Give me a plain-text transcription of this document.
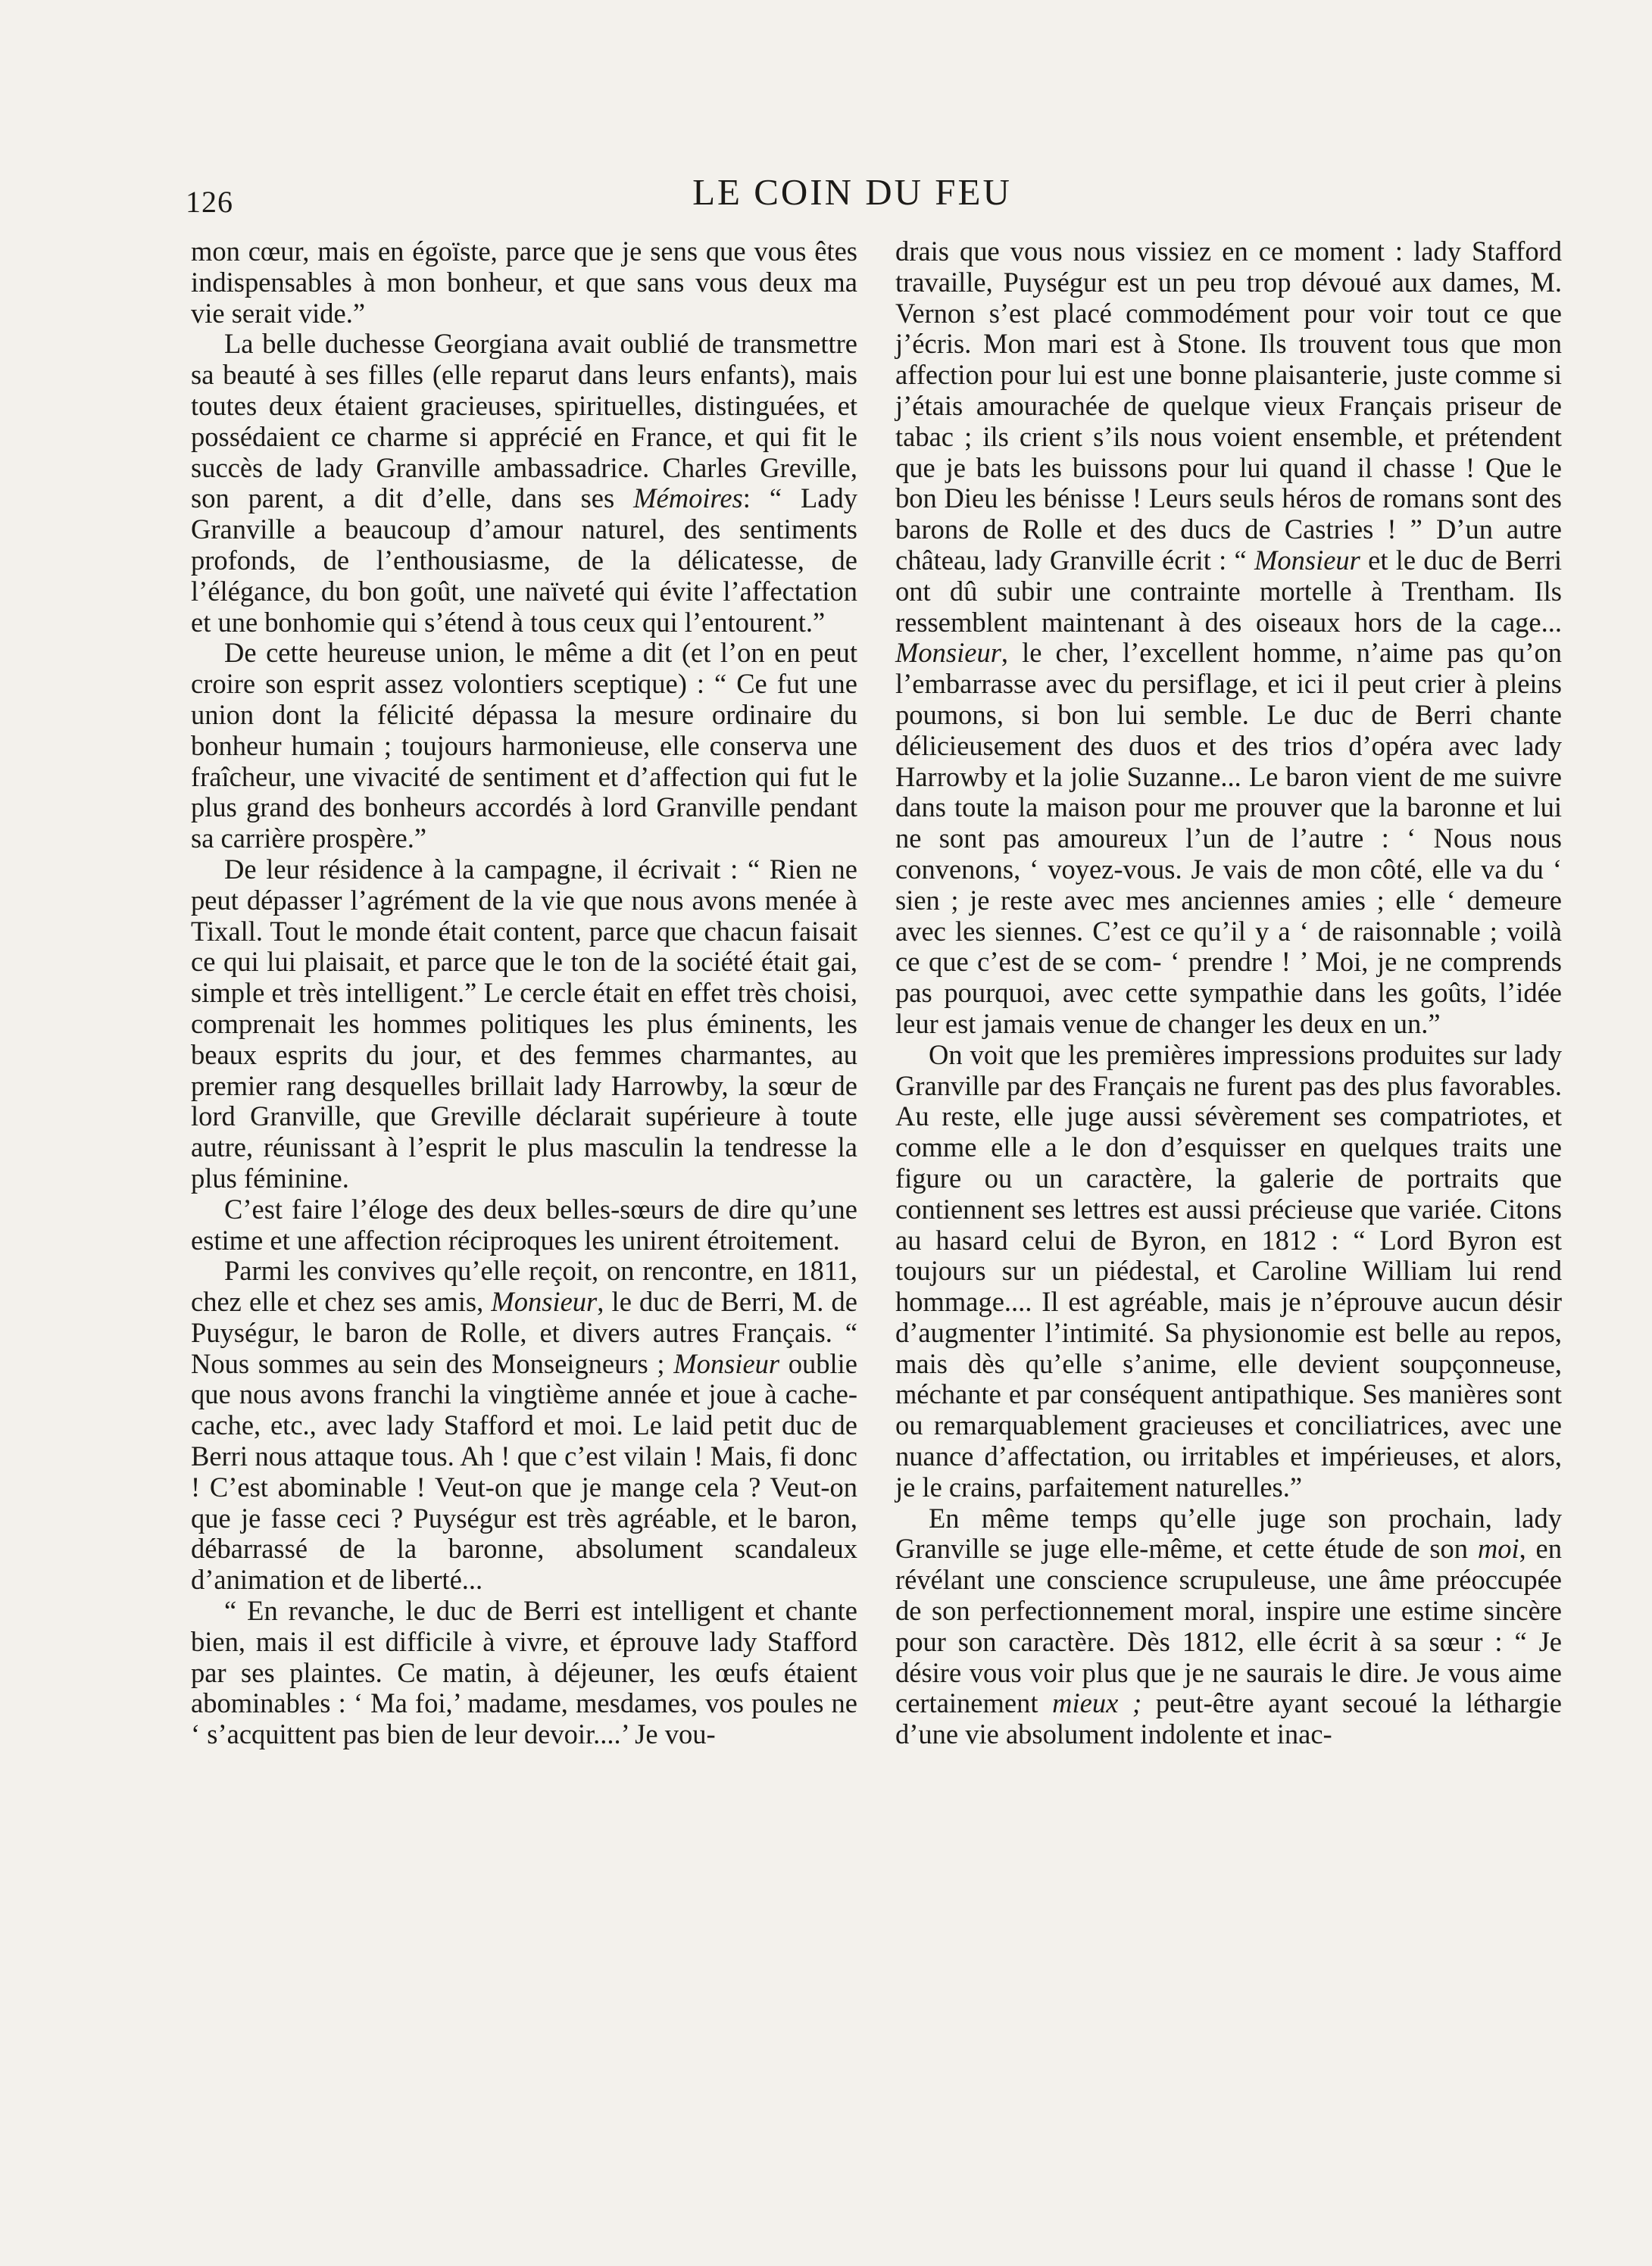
126	LE COIN DU FEU

mon cœur, mais en égoïste, parce que je sens que vous êtes indispensables à mon bonheur, et que sans vous deux ma vie serait vide.”

La belle duchesse Georgiana avait oublié de transmettre sa beauté à ses filles (elle reparut dans leurs enfants), mais toutes deux étaient gracieuses, spirituelles, distinguées, et possédaient ce charme si apprécié en France, et qui fit le succès de lady Granville ambassadrice. Charles Greville, son parent, a dit d’elle, dans ses Mémoires: “ Lady Granville a beaucoup d’amour naturel, des sentiments profonds, de l’enthousiasme, de la délicatesse, de l’élégance, du bon goût, une naïveté qui évite l’affectation et une bonhomie qui s’étend à tous ceux qui l’entourent.”

De cette heureuse union, le même a dit (et l’on en peut croire son esprit assez volontiers sceptique) : “ Ce fut une union dont la félicité dépassa la mesure ordinaire du bonheur humain ; toujours harmonieuse, elle conserva une fraîcheur, une vivacité de sentiment et d’affection qui fut le plus grand des bonheurs accordés à lord Granville pendant sa carrière prospère.”

De leur résidence à la campagne, il écrivait : “ Rien ne peut dépasser l’agrément de la vie que nous avons menée à Tixall. Tout le monde était content, parce que chacun faisait ce qui lui plaisait, et parce que le ton de la société était gai, simple et très intelligent.” Le cercle était en effet très choisi, comprenait les hommes politiques les plus éminents, les beaux esprits du jour, et des femmes charmantes, au premier rang desquelles brillait lady Harrowby, la sœur de lord Granville, que Greville déclarait supérieure à toute autre, réunissant à l’esprit le plus masculin la tendresse la plus féminine.

C’est faire l’éloge des deux belles-sœurs de dire qu’une estime et une affection réciproques les unirent étroitement.

Parmi les convives qu’elle reçoit, on rencontre, en 1811, chez elle et chez ses amis, Monsieur, le duc de Berri, M. de Puységur, le baron de Rolle, et divers autres Français. “ Nous sommes au sein des Monseigneurs ; Monsieur oublie que nous avons franchi la vingtième année et joue à cache-cache, etc., avec lady Stafford et moi. Le laid petit duc de Berri nous attaque tous. Ah ! que c’est vilain ! Mais, fi donc ! C’est abominable ! Veut-on que je mange cela ? Veut-on que je fasse ceci ? Puységur est très agréable, et le baron, débarrassé de la baronne, absolument scandaleux d’animation et de liberté...

“ En revanche, le duc de Berri est intelligent et chante bien, mais il est difficile à vivre, et éprouve lady Stafford par ses plaintes. Ce matin, à déjeuner, les œufs étaient abominables : ‘ Ma foi,’ madame, mesdames, vos poules ne ‘ s’acquittent pas bien de leur devoir....’ Je vou-

drais que vous nous vissiez en ce moment : lady Stafford travaille, Puységur est un peu trop dévoué aux dames, M. Vernon s’est placé commodément pour voir tout ce que j’écris. Mon mari est à Stone. Ils trouvent tous que mon affection pour lui est une bonne plaisanterie, juste comme si j’étais amourachée de quelque vieux Français priseur de tabac ; ils crient s’ils nous voient ensemble, et prétendent que je bats les buissons pour lui quand il chasse ! Que le bon Dieu les bénisse ! Leurs seuls héros de romans sont des barons de Rolle et des ducs de Castries ! ” D’un autre château, lady Granville écrit : “ Monsieur et le duc de Berri ont dû subir une contrainte mortelle à Trentham. Ils ressemblent maintenant à des oiseaux hors de la cage... Monsieur, le cher, l’excellent homme, n’aime pas qu’on l’embarrasse avec du persiflage, et ici il peut crier à pleins poumons, si bon lui semble. Le duc de Berri chante délicieusement des duos et des trios d’opéra avec lady Harrowby et la jolie Suzanne... Le baron vient de me suivre dans toute la maison pour me prouver que la baronne et lui ne sont pas amoureux l’un de l’autre : ‘ Nous nous convenons, ‘ voyez-vous. Je vais de mon côté, elle va du ‘ sien ; je reste avec mes anciennes amies ; elle ‘ demeure avec les siennes. C’est ce qu’il y a ‘ de raisonnable ; voilà ce que c’est de se com- ‘ prendre ! ’ Moi, je ne comprends pas pourquoi, avec cette sympathie dans les goûts, l’idée leur est jamais venue de changer les deux en un.”

On voit que les premières impressions produites sur lady Granville par des Français ne furent pas des plus favorables. Au reste, elle juge aussi sévèrement ses compatriotes, et comme elle a le don d’esquisser en quelques traits une figure ou un caractère, la galerie de portraits que contiennent ses lettres est aussi précieuse que variée. Citons au hasard celui de Byron, en 1812 : “ Lord Byron est toujours sur un piédestal, et Caroline William lui rend hommage.... Il est agréable, mais je n’éprouve aucun désir d’augmenter l’intimité. Sa physionomie est belle au repos, mais dès qu’elle s’anime, elle devient soupçonneuse, méchante et par conséquent antipathique. Ses manières sont ou remarquablement gracieuses et conciliatrices, avec une nuance d’affectation, ou irritables et impérieuses, et alors, je le crains, parfaitement naturelles.”

En même temps qu’elle juge son prochain, lady Granville se juge elle-même, et cette étude de son moi, en révélant une conscience scrupuleuse, une âme préoccupée de son perfectionnement moral, inspire une estime sincère pour son caractère. Dès 1812, elle écrit à sa sœur : “ Je désire vous voir plus que je ne saurais le dire. Je vous aime certainement mieux ; peut-être ayant secoué la léthargie d’une vie absolument indolente et inac-
